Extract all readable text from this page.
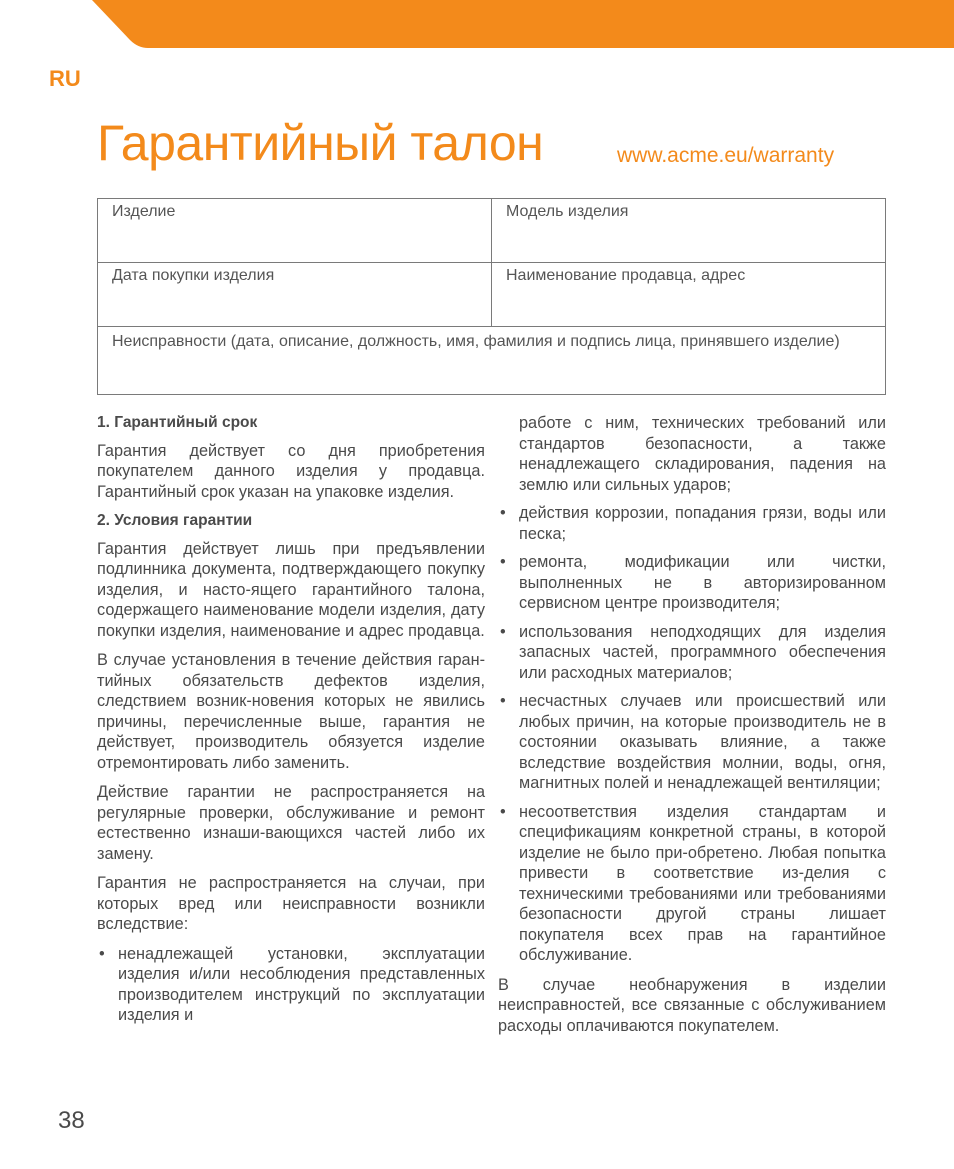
RU
Гарантийный талон	www.acme.eu/warranty
Изделие	Модель изделия
Дата покупки изделия	Наименование продавца, адрес
Неисправности (дата, описание, должность, имя, фамилия и подпись лица, принявшего изделие)	
1. Гарантийный срок

Гарантия действует со дня приобретения покупателем данного изделия у продавца. Гарантийный срок указан на упаковке изделия.

2. Условия гарантии

Гарантия действует лишь при предъявлении подлинника документа, подтверждающего покупку изделия, и насто-ящего гарантийного талона, содержащего наименование модели изделия, дату покупки изделия, наименование и адрес продавца.

В случае установления в течение действия гаран-тийных обязательств дефектов изделия, следствием возник-новения которых не явились причины, перечисленные выше, гарантия не действует, производитель обязуется изделие отремонтировать либо заменить.

Действие гарантии не распространяется на регулярные проверки, обслуживание и ремонт естественно изнаши-вающихся частей либо их замену.

Гарантия не распространяется на случаи, при которых вред или неисправности возникли вследствие:

• ненадлежащей установки, эксплуатации изделия и/или несоблюдения представленных производителем инструкций по эксплуатации изделия и
работе с ним, технических требований или стандартов безопасности, а также ненадлежащего складирования, падения на землю или сильных ударов;
• действия коррозии, попадания грязи, воды или песка;
• ремонта, модификации или чистки, выполненных не в авторизированном сервисном центре производителя;
• использования неподходящих для изделия запасных частей, программного обеспечения или расходных материалов;
• несчастных случаев или происшествий или любых причин, на которые производитель не в состоянии оказывать влияние, а также вследствие воздействия молнии, воды, огня, магнитных полей и ненадлежащей вентиляции;
• несоответствия изделия стандартам и спецификациям конкретной страны, в которой изделие не было при-обретено. Любая попытка привести в соответствие из-делия с техническими требованиями или требованиями безопасности другой страны лишает покупателя всех прав на гарантийное обслуживание.

В случае необнаружения в изделии неисправностей, все связанные с обслуживанием расходы оплачиваются покупателем.

38
